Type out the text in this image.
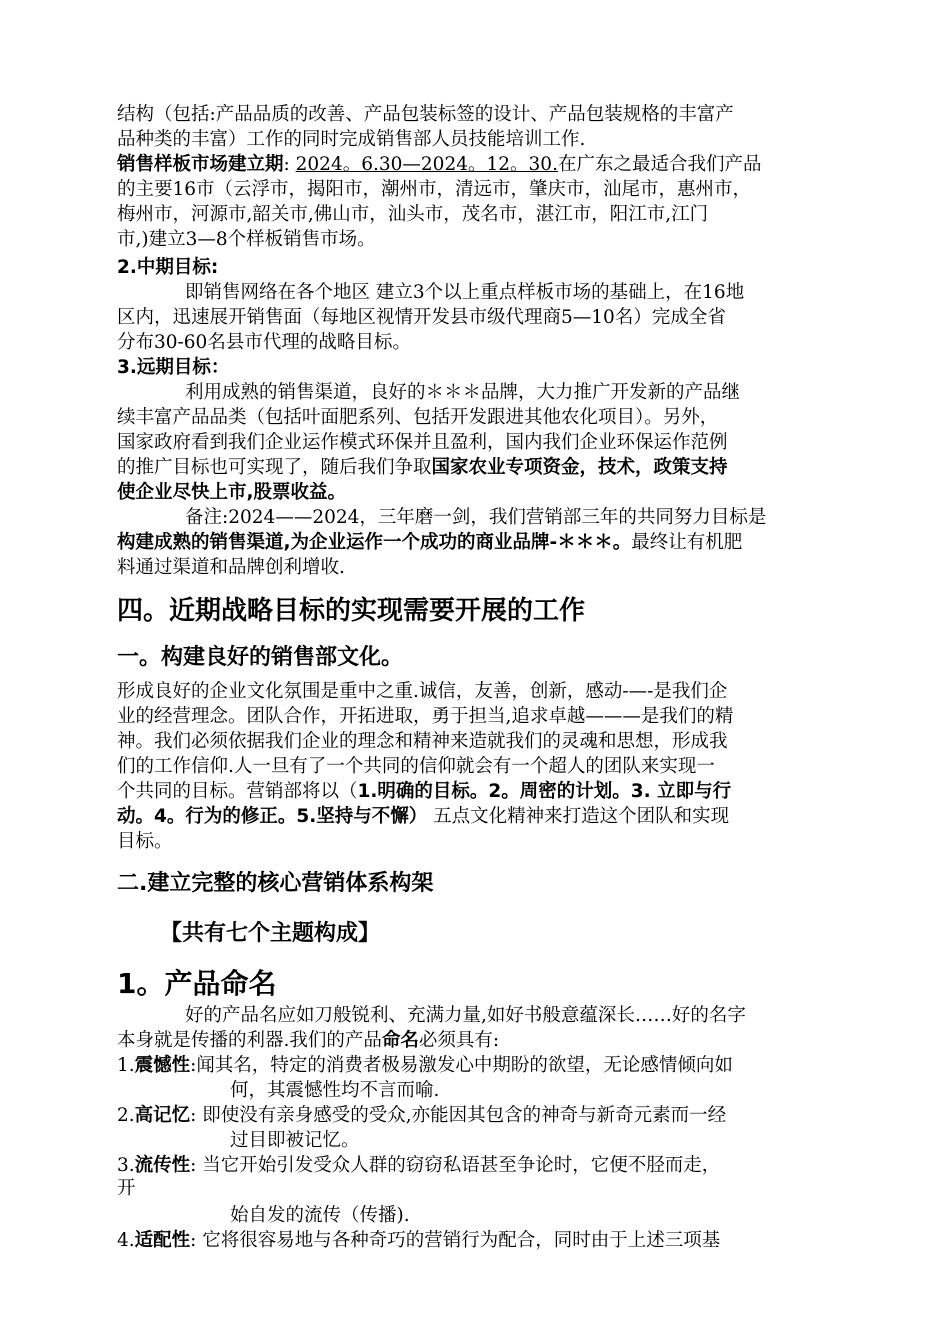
结构（包括:产品品质的改善、产品包装标签的设计、产品包装规格的丰富产
品种类的丰富）工作的同时完成销售部人员技能培训工作.
销售样板市场建立期: 2024。6.30—2024。12。30.在广东之最适合我们产品
的主要16市（云浮市，揭阳市，潮州市，清远市，肇庆市，汕尾市，惠州市，
梅州市，河源市,韶关市,佛山市，汕头市，茂名市，湛江市，阳江市,江门
市,)建立3—8个样板销售市场。
2.中期目标:
即销售网络在各个地区 建立3个以上重点样板市场的基础上，在16地
区内，迅速展开销售面（每地区视情开发县市级代理商5—10名）完成全省
分布30-60名县市代理的战略目标。
3.远期目标：
利用成熟的销售渠道，良好的＊＊＊品牌，大力推广开发新的产品继
续丰富产品品类（包括叶面肥系列、包括开发跟进其他农化项目）。另外，
国家政府看到我们企业运作模式环保并且盈利，国内我们企业环保运作范例
的推广目标也可实现了，随后我们争取国家农业专项资金，技术，政策支持
使企业尽快上市,股票收益。
备注:2024——2024，三年磨一剑，我们营销部三年的共同努力目标是
构建成熟的销售渠道,为企业运作一个成功的商业品牌-＊＊＊。最终让有机肥
料通过渠道和品牌创利增收.
四。近期战略目标的实现需要开展的工作
一。构建良好的销售部文化。
形成良好的企业文化氛围是重中之重.诚信，友善，创新，感动-—-是我们企
业的经营理念。团队合作，开拓进取，勇于担当,追求卓越———是我们的精
神。我们必须依据我们企业的理念和精神来造就我们的灵魂和思想，形成我
们的工作信仰.人一旦有了一个共同的信仰就会有一个超人的团队来实现一
个共同的目标。营销部将以（1.明确的目标。2。周密的计划。3. 立即与行
动。4。行为的修正。5.坚持与不懈） 五点文化精神来打造这个团队和实现
目标。
二.建立完整的核心营销体系构架
【共有七个主题构成】
1。产品命名
好的产品名应如刀般锐利、充满力量,如好书般意蕴深长……好的名字
本身就是传播的利器.我们的产品命名必须具有:
1.震憾性:闻其名，特定的消费者极易激发心中期盼的欲望，无论感情倾向如
何，其震憾性均不言而喻.
2.高记忆: 即使没有亲身感受的受众,亦能因其包含的神奇与新奇元素而一经
过目即被记忆。
3.流传性: 当它开始引发受众人群的窃窃私语甚至争论时，它便不胫而走，
开
始自发的流传（传播).
4.适配性: 它将很容易地与各种奇巧的营销行为配合，同时由于上述三项基
